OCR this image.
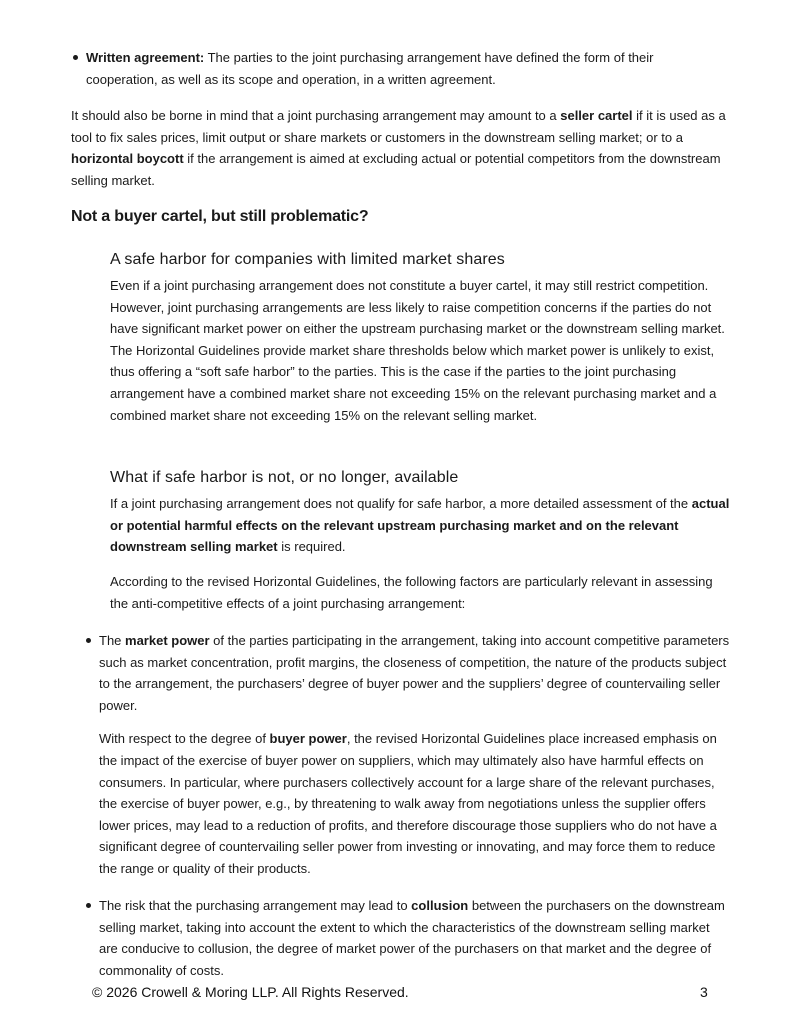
Written agreement: The parties to the joint purchasing arrangement have defined the form of their cooperation, as well as its scope and operation, in a written agreement.

It should also be borne in mind that a joint purchasing arrangement may amount to a seller cartel if it is used as a tool to fix sales prices, limit output or share markets or customers in the downstream selling market; or to a horizontal boycott if the arrangement is aimed at excluding actual or potential competitors from the downstream selling market.

Not a buyer cartel, but still problematic?
A safe harbor for companies with limited market shares

Even if a joint purchasing arrangement does not constitute a buyer cartel, it may still restrict competition. However, joint purchasing arrangements are less likely to raise competition concerns if the parties do not have significant market power on either the upstream purchasing market or the downstream selling market. The Horizontal Guidelines provide market share thresholds below which market power is unlikely to exist, thus offering a “soft safe harbor” to the parties. This is the case if the parties to the joint purchasing arrangement have a combined market share not exceeding 15% on the relevant purchasing market and a combined market share not exceeding 15% on the relevant selling market.

What if safe harbor is not, or no longer, available

If a joint purchasing arrangement does not qualify for safe harbor, a more detailed assessment of the actual or potential harmful effects on the relevant upstream purchasing market and on the relevant downstream selling market is required.

According to the revised Horizontal Guidelines, the following factors are particularly relevant in assessing the anti-competitive effects of a joint purchasing arrangement:

The market power of the parties participating in the arrangement, taking into account competitive parameters such as market concentration, profit margins, the closeness of competition, the nature of the products subject to the arrangement, the purchasers’ degree of buyer power and the suppliers’ degree of countervailing seller power.

With respect to the degree of buyer power, the revised Horizontal Guidelines place increased emphasis on the impact of the exercise of buyer power on suppliers, which may ultimately also have harmful effects on consumers. In particular, where purchasers collectively account for a large share of the relevant purchases, the exercise of buyer power, e.g., by threatening to walk away from negotiations unless the supplier offers lower prices, may lead to a reduction of profits, and therefore discourage those suppliers who do not have a significant degree of countervailing seller power from investing or innovating, and may force them to reduce the range or quality of their products.

The risk that the purchasing arrangement may lead to collusion between the purchasers on the downstream selling market, taking into account the extent to which the characteristics of the downstream selling market are conducive to collusion, the degree of market power of the purchasers on that market and the degree of commonality of costs.

© 2026 Crowell & Moring LLP. All Rights Reserved.	3
